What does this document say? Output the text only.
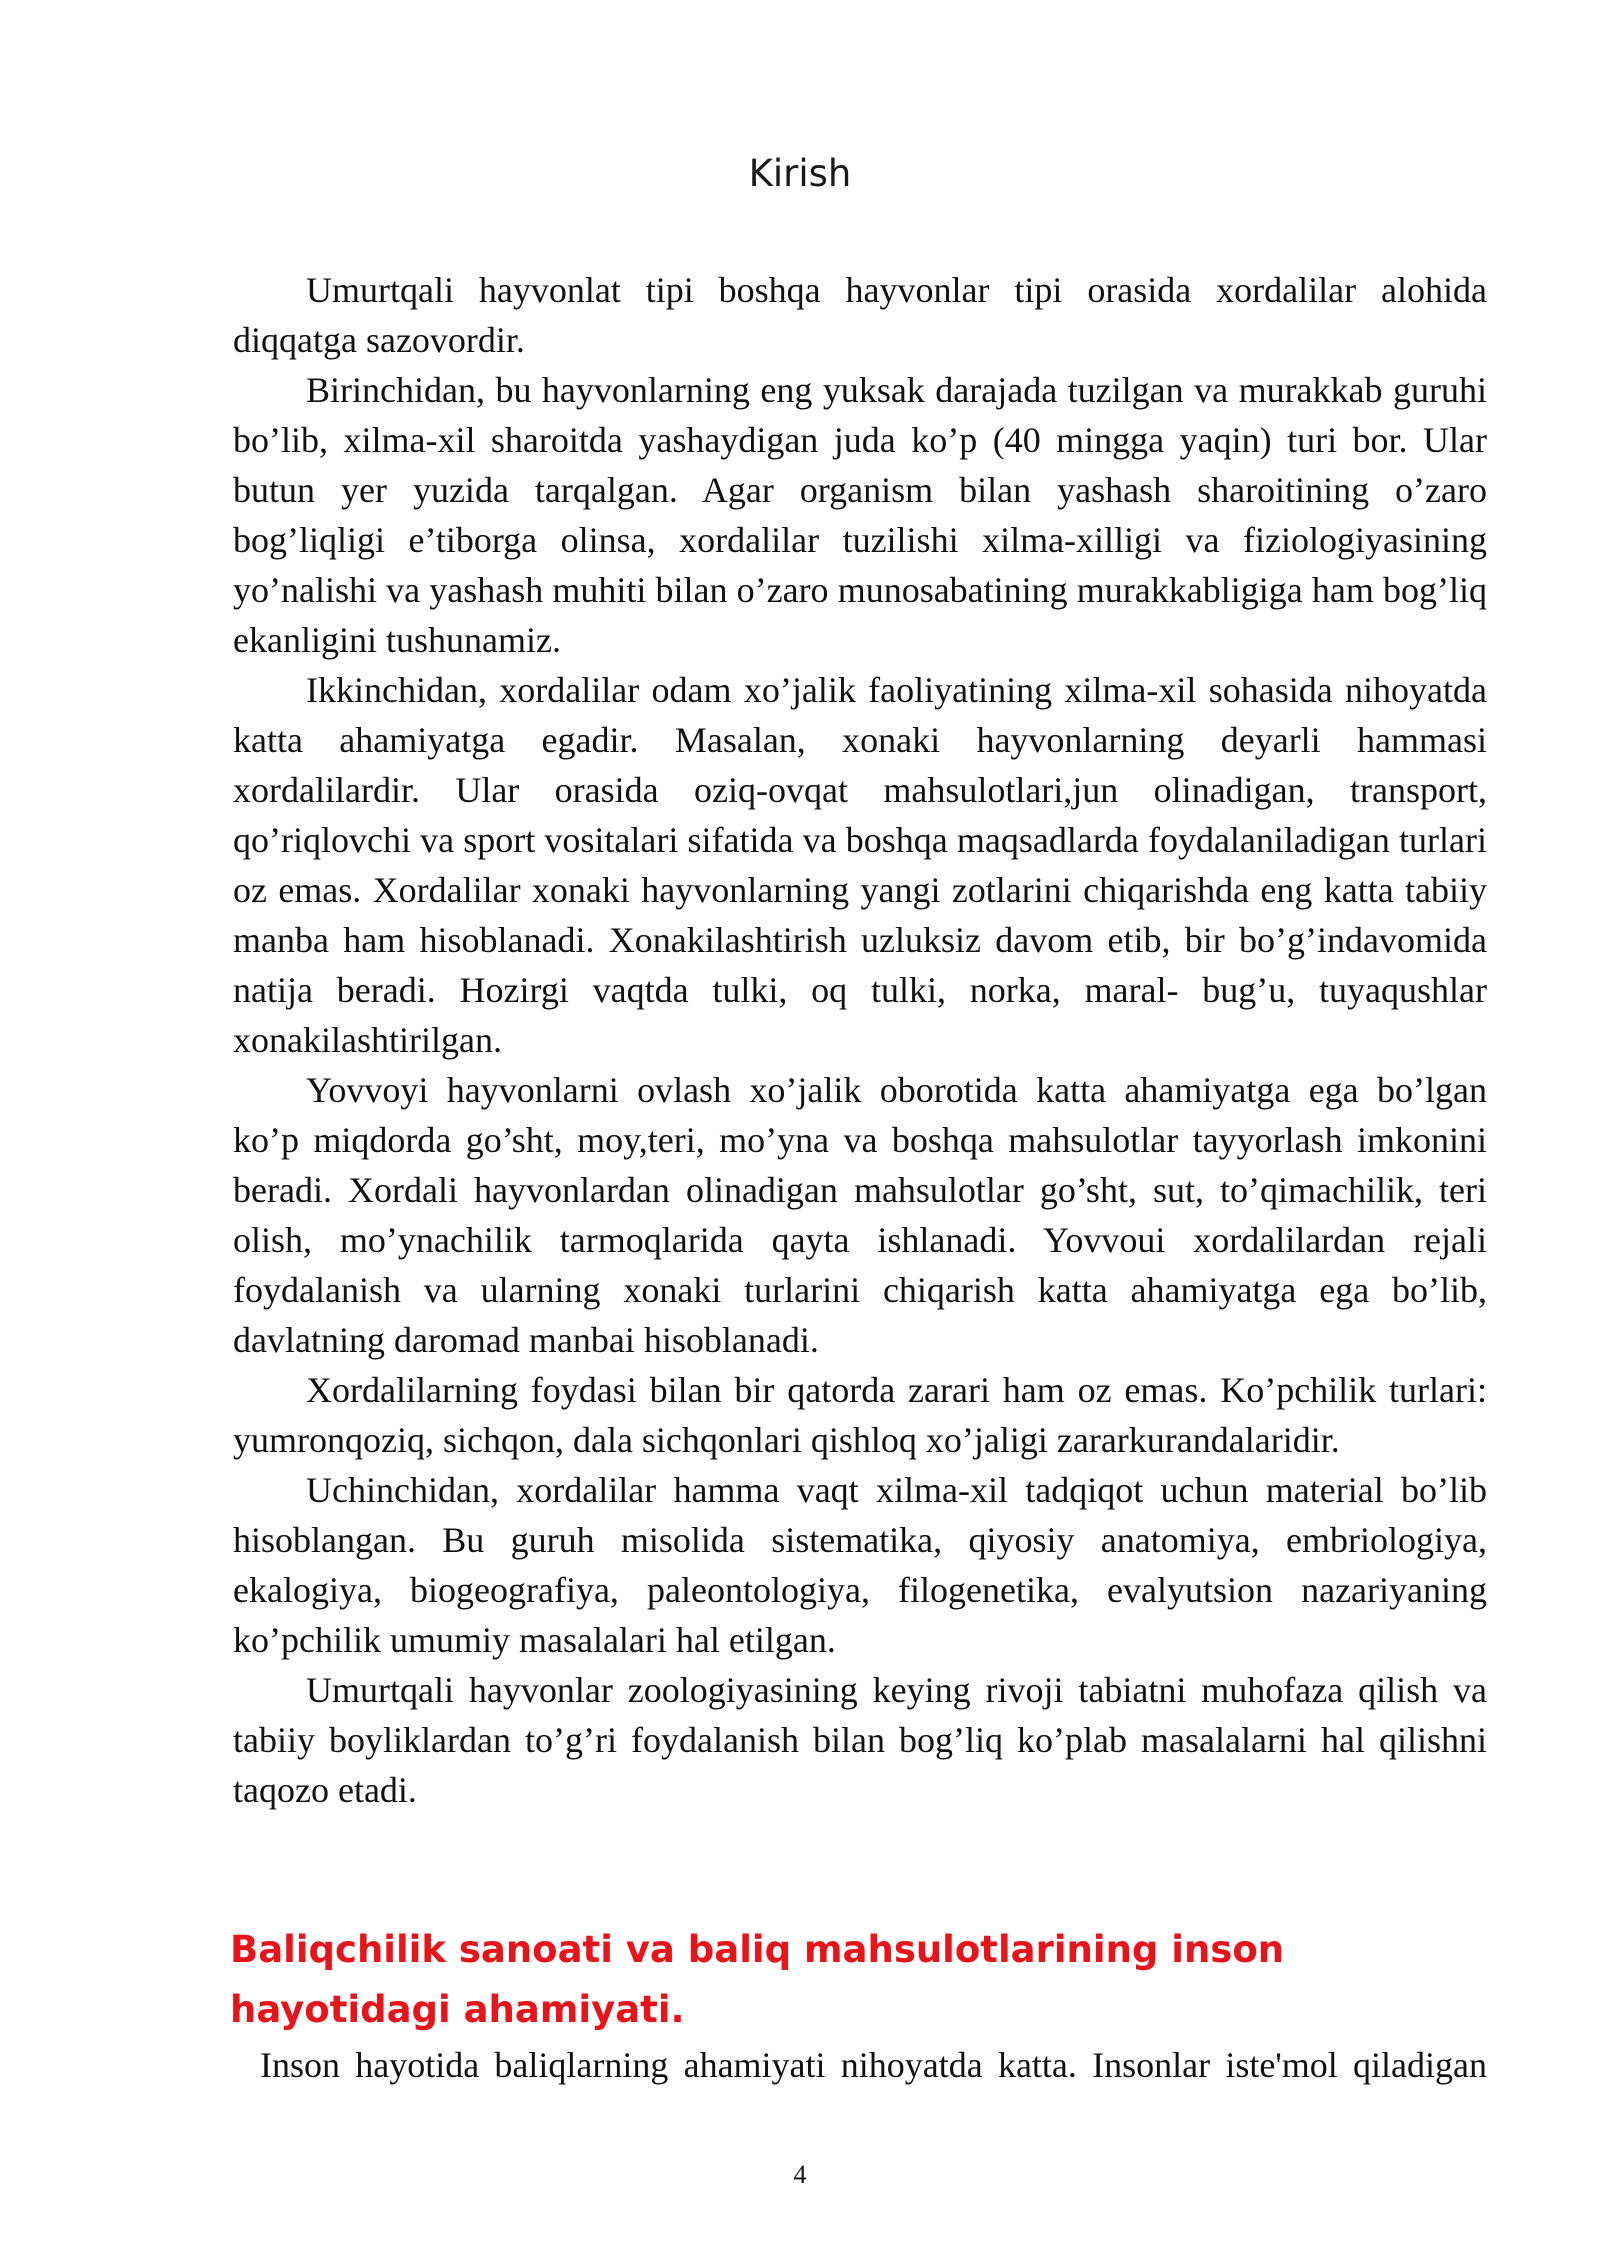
Kirish

Umurtqali hayvonlat tipi boshqa hayvonlar tipi orasida xordalilar alohida diqqatga sazovordir.

Birinchidan, bu hayvonlarning eng yuksak darajada tuzilgan va murakkab guruhi bo’lib, xilma-xil sharoitda yashaydigan juda ko’p (40 mingga yaqin) turi bor. Ular butun yer yuzida tarqalgan. Agar organism bilan yashash sharoitining o’zaro bog’liqligi e’tiborga olinsa, xordalilar tuzilishi xilma-xilligi va fiziologiyasining yo’nalishi va yashash muhiti bilan o’zaro munosabatining murakkabligiga ham bog’liq ekanligini tushunamiz.

Ikkinchidan, xordalilar odam xo’jalik faoliyatining xilma-xil sohasida nihoyatda katta ahamiyatga egadir. Masalan, xonaki hayvonlarning deyarli hammasi xordalilardir. Ular orasida oziq-ovqat mahsulotlari,jun olinadigan, transport, qo’riqlovchi va sport vositalari sifatida va boshqa maqsadlarda foydalaniladigan turlari oz emas. Xordalilar xonaki hayvonlarning yangi zotlarini chiqarishda eng katta tabiiy manba ham hisoblanadi. Xonakilashtirish uzluksiz davom etib, bir bo’g’indavomida natija beradi. Hozirgi vaqtda tulki, oq tulki, norka, maral- bug’u, tuyaqushlar xonakilashtirilgan.

Yovvoyi hayvonlarni ovlash xo’jalik oborotida katta ahamiyatga ega bo’lgan ko’p miqdorda go’sht, moy,teri, mo’yna va boshqa mahsulotlar tayyorlash imkonini beradi. Xordali hayvonlardan olinadigan mahsulotlar go’sht, sut, to’qimachilik, teri olish, mo’ynachilik tarmoqlarida qayta ishlanadi. Yovvoui xordalilardan rejali foydalanish va ularning xonaki turlarini chiqarish katta ahamiyatga ega bo’lib, davlatning daromad manbai hisoblanadi.

Xordalilarning foydasi bilan bir qatorda zarari ham oz emas. Ko’pchilik turlari: yumronqoziq, sichqon, dala sichqonlari qishloq xo’jaligi zararkurandalaridir.

Uchinchidan, xordalilar hamma vaqt xilma-xil tadqiqot uchun material bo’lib hisoblangan. Bu guruh misolida sistematika, qiyosiy anatomiya, embriologiya, ekalogiya, biogeografiya, paleontologiya, filogenetika, evalyutsion nazariyaning ko’pchilik umumiy masalalari hal etilgan.

Umurtqali hayvonlar zoologiyasining keying rivoji tabiatni muhofaza qilish va tabiiy boyliklardan to’g’ri foydalanish bilan bog’liq ko’plab masalalarni hal qilishni taqozo etadi.

Baliqchilik sanoati va baliq mahsulotlarining inson hayotidagi ahamiyati.

Inson hayotida baliqlarning ahamiyati nihoyatda katta. Insonlar iste'mol qiladigan

4
